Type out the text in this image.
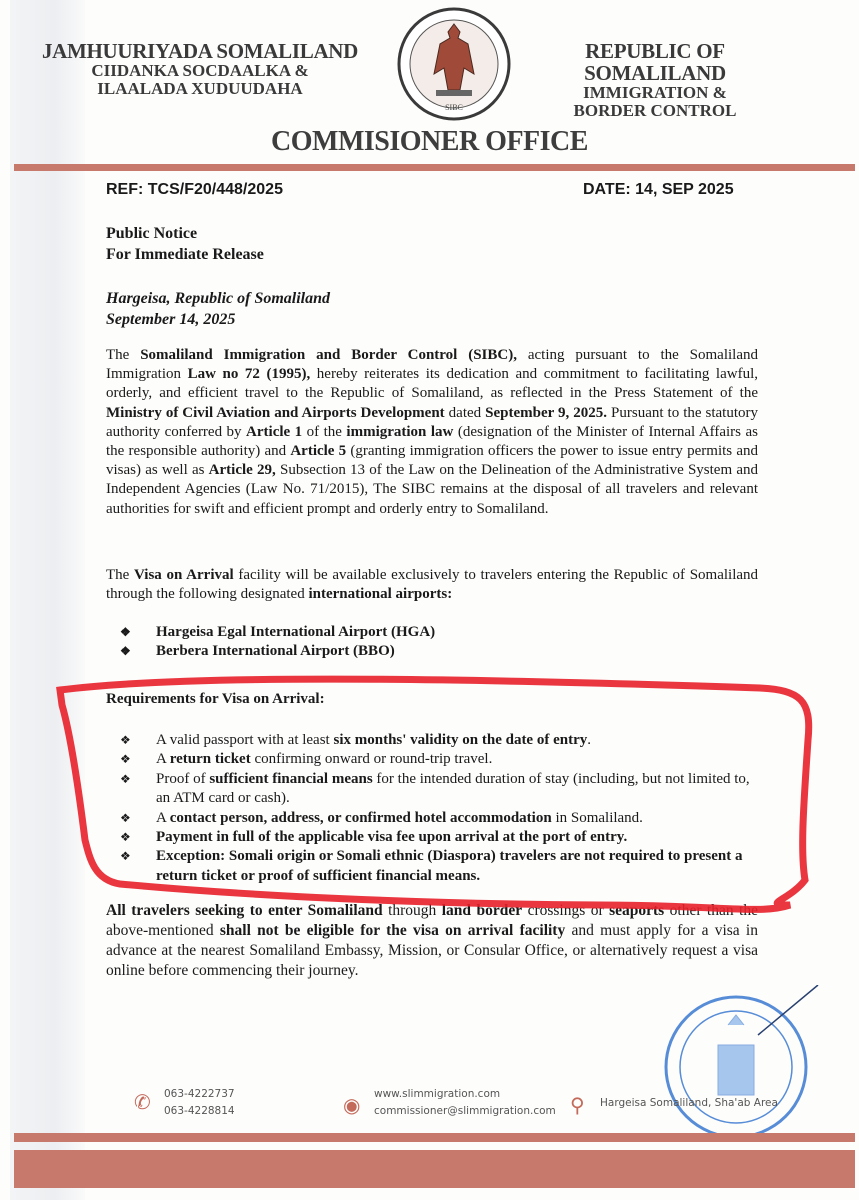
JAMHUURIYADA SOMALILAND
CIIDANKA SOCDAALKA &
ILAALADA XUDUUDAHA
SIBC
REPUBLIC OF SOMALILAND
IMMIGRATION &
BORDER CONTROL
COMMISIONER OFFICE
REF: TCS/F20/448/2025	DATE: 14, SEP 2025
Public Notice
For Immediate Release
Hargeisa, Republic of Somaliland
September 14, 2025
The Somaliland Immigration and Border Control (SIBC), acting pursuant to the Somaliland Immigration Law no 72 (1995), hereby reiterates its dedication and commitment to facilitating lawful, orderly, and efficient travel to the Republic of Somaliland, as reflected in the Press Statement of the Ministry of Civil Aviation and Airports Development dated September 9, 2025. Pursuant to the statutory authority conferred by Article 1 of the immigration law (designation of the Minister of Internal Affairs as the responsible authority) and Article 5 (granting immigration officers the power to issue entry permits and visas) as well as Article 29, Subsection 13 of the Law on the Delineation of the Administrative System and Independent Agencies (Law No. 71/2015), The SIBC remains at the disposal of all travelers and relevant authorities for swift and efficient prompt and orderly entry to Somaliland.
The Visa on Arrival facility will be available exclusively to travelers entering the Republic of Somaliland through the following designated international airports:
❖ Hargeisa Egal International Airport (HGA)
❖ Berbera International Airport (BBO)
Requirements for Visa on Arrival:
❖ A valid passport with at least six months' validity on the date of entry.
❖ A return ticket confirming onward or round-trip travel.
❖ Proof of sufficient financial means for the intended duration of stay (including, but not limited to, an ATM card or cash).
❖ A contact person, address, or confirmed hotel accommodation in Somaliland.
❖ Payment in full of the applicable visa fee upon arrival at the port of entry.
❖ Exception: Somali origin or Somali ethnic (Diaspora) travelers are not required to present a return ticket or proof of sufficient financial means.
All travelers seeking to enter Somaliland through land border crossings or seaports other than the above-mentioned shall not be eligible for the visa on arrival facility and must apply for a visa in advance at the nearest Somaliland Embassy, Mission, or Consular Office, or alternatively request a visa online before commencing their journey.
✆ 063-4222737
063-4228814	◉
www.slimmigration.com
commissioner@slimmigration.com ⚲ Hargeisa Somaliland, Sha'ab Area
